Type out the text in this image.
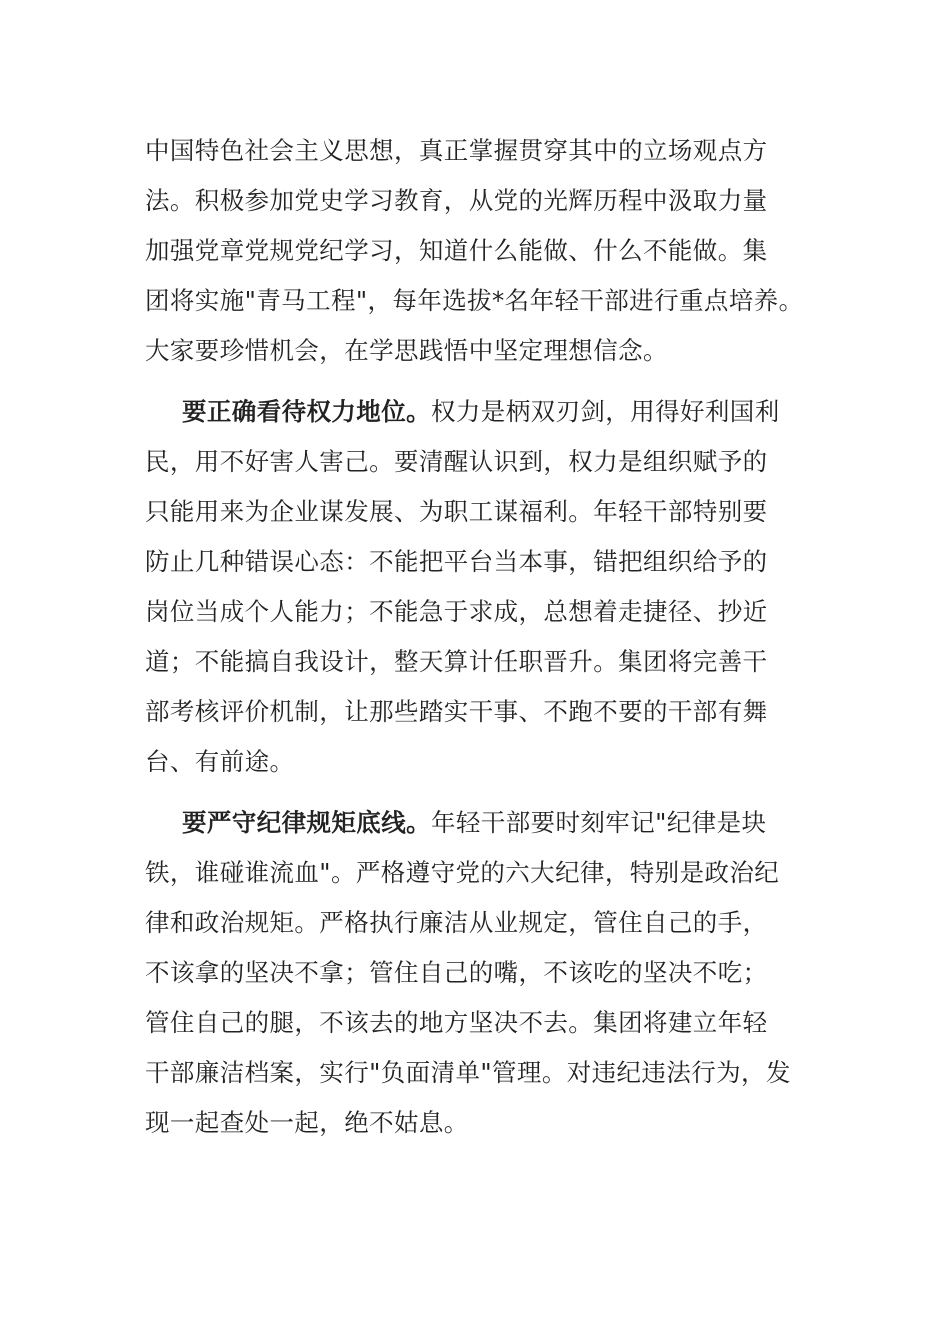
中国特色社会主义思想，真正掌握贯穿其中的立场观点方
法。积极参加党史学习教育，从党的光辉历程中汲取力量
加强党章党规党纪学习，知道什么能做、什么不能做。集
团将实施"青马工程"，每年选拔*名年轻干部进行重点培养。
大家要珍惜机会，在学思践悟中坚定理想信念。
要正确看待权力地位。权力是柄双刃剑，用得好利国利
民，用不好害人害己。要清醒认识到，权力是组织赋予的
只能用来为企业谋发展、为职工谋福利。年轻干部特别要
防止几种错误心态：不能把平台当本事，错把组织给予的
岗位当成个人能力；不能急于求成，总想着走捷径、抄近
道；不能搞自我设计，整天算计任职晋升。集团将完善干
部考核评价机制，让那些踏实干事、不跑不要的干部有舞
台、有前途。
要严守纪律规矩底线。年轻干部要时刻牢记"纪律是块
铁，谁碰谁流血"。严格遵守党的六大纪律，特别是政治纪
律和政治规矩。严格执行廉洁从业规定，管住自己的手，
不该拿的坚决不拿；管住自己的嘴，不该吃的坚决不吃；
管住自己的腿，不该去的地方坚决不去。集团将建立年轻
干部廉洁档案，实行"负面清单"管理。对违纪违法行为，发
现一起查处一起，绝不姑息。
